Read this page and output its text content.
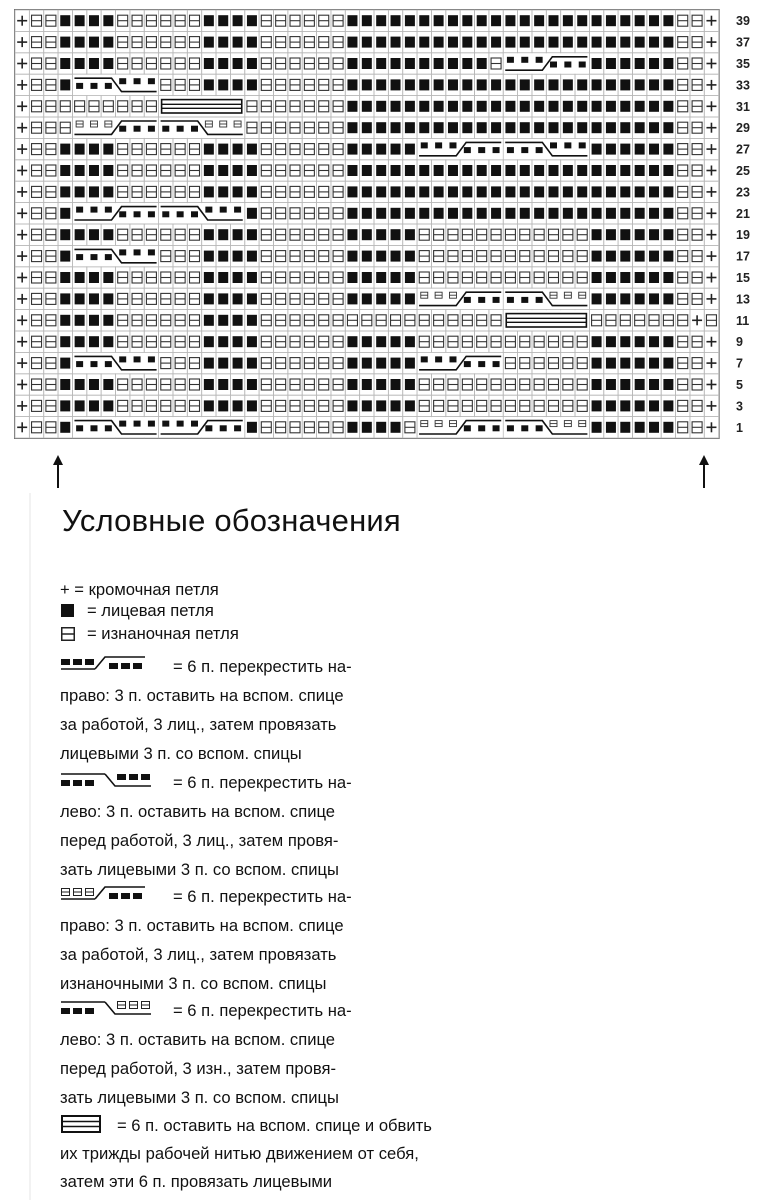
39
37
35
33
31
29
27
25
23
21
19
17
15
13
11
9
7
5
3
1
Условные обозначения
+ = кромочная петля
= лицевая петля
= изнаночная петля
= 6 п. перекрестить на-
право: 3 п. оставить на вспом. спице
за работой, 3 лиц., затем провязать
лицевыми 3 п. со вспом. спицы
= 6 п. перекрестить на-
лево: 3 п. оставить на вспом. спице
перед работой, 3 лиц., затем провя-
зать лицевыми 3 п. со вспом. спицы
= 6 п. перекрестить на-
право: 3 п. оставить на вспом. спице
за работой, 3 лиц., затем провязать
изнаночными 3 п. со вспом. спицы
= 6 п. перекрестить на-
лево: 3 п. оставить на вспом. спице
перед работой, 3 изн., затем провя-
зать лицевыми 3 п. со вспом. спицы
= 6 п. оставить на вспом. спице и обвить
их трижды рабочей нитью движением от себя,
затем эти 6 п. провязать лицевыми
